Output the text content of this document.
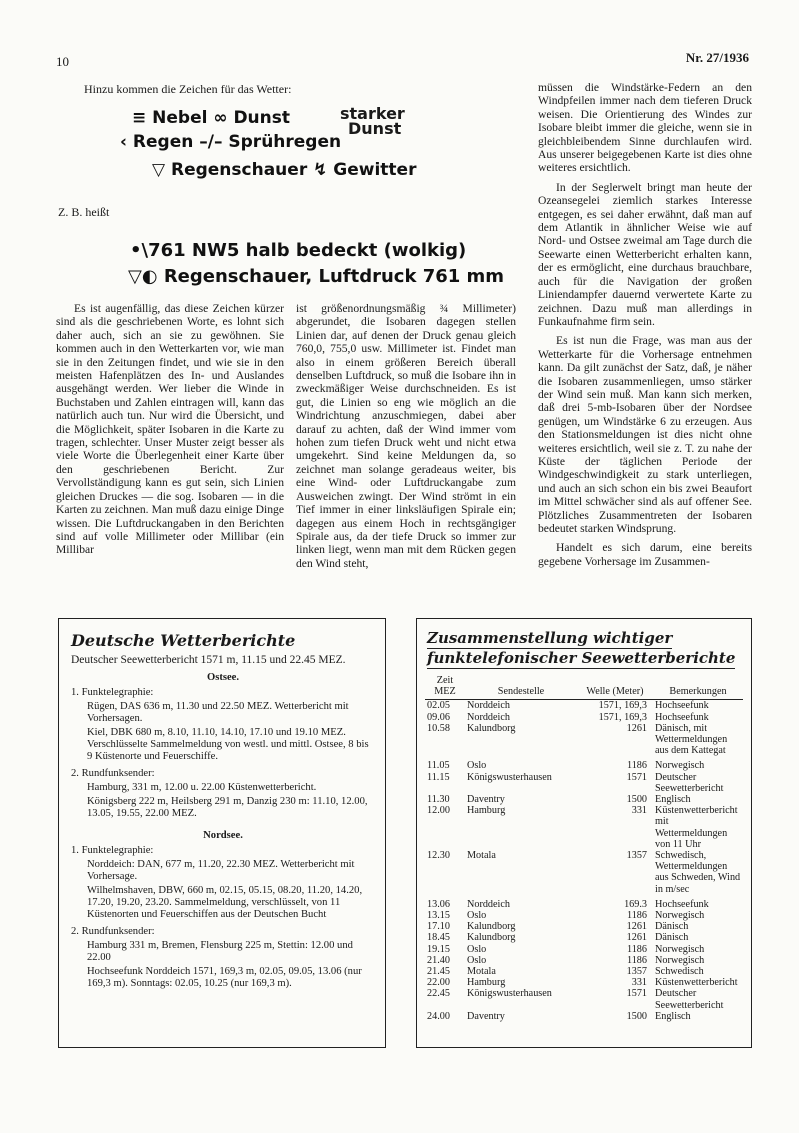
10	Nr. 27/1936
Hinzu kommen die Zeichen für das Wetter:
≡ Nebel ∞ Dunst	starker
Dunst
‹ Regen –/– Sprühregen
▽ Regenschauer ↯ Gewitter
Z. B. heißt
•\761 NW5 halb bedeckt (wolkig)
▽◐ Regenschauer, Luftdruck 761 mm

Es ist augenfällig, das diese Zeichen kürzer sind als die geschriebenen Worte, es lohnt sich daher auch, sich an sie zu gewöhnen. Sie kommen auch in den Wetterkarten vor, wie man sie in den Zeitungen findet, und wie sie in den meisten Hafenplätzen des In- und Auslandes ausgehängt werden. Wer lieber die Winde in Buchstaben und Zahlen eintragen will, kann das natürlich auch tun. Nur wird die Übersicht, und die Möglichkeit, später Isobaren in die Karte zu tragen, schlechter. Unser Muster zeigt besser als viele Worte die Überlegenheit einer Karte über den geschriebenen Bericht. Zur Vervollständigung kann es gut sein, sich Linien gleichen Druckes — die sog. Isobaren — in die Karten zu zeichnen. Man muß dazu einige Dinge wissen. Die Luftdruckangaben in den Berichten sind auf volle Millimeter oder Millibar (ein Millibar

ist größenordnungsmäßig ¾ Millimeter) abgerundet, die Isobaren dagegen stellen Linien dar, auf denen der Druck genau gleich 760,0, 755,0 usw. Millimeter ist. Findet man also in einem größeren Bereich überall denselben Luftdruck, so muß die Isobare ihn in zweckmäßiger Weise durchschneiden. Es ist gut, die Linien so eng wie möglich an die Windrichtung anzuschmiegen, dabei aber darauf zu achten, daß der Wind immer vom hohen zum tiefen Druck weht und nicht etwa umgekehrt. Sind keine Meldungen da, so zeichnet man solange geradeaus weiter, bis eine Wind- oder Luftdruckangabe zum Ausweichen zwingt. Der Wind strömt in ein Tief immer in einer linksläufigen Spirale ein; dagegen aus einem Hoch in rechtsgängiger Spirale aus, da der tiefe Druck so immer zur linken liegt, wenn man mit dem Rücken gegen den Wind steht,

müssen die Windstärke-Federn an den Windpfeilen immer nach dem tieferen Druck weisen. Die Orientierung des Windes zur Isobare bleibt immer die gleiche, wenn sie in gleichbleibendem Sinne durchlaufen wird. Aus unserer beigegebenen Karte ist dies ohne weiteres ersichtlich.

In der Seglerwelt bringt man heute der Ozeansegelei ziemlich starkes Interesse entgegen, es sei daher erwähnt, daß man auf dem Atlantik in ähnlicher Weise wie auf Nord- und Ostsee zweimal am Tage durch die Seewarte einen Wetterbericht erhalten kann, der es ermöglicht, eine durchaus brauchbare, auch für die Navigation der großen Liniendampfer dauernd verwertete Karte zu zeichnen. Dazu muß man allerdings in Funkaufnahme firm sein.

Es ist nun die Frage, was man aus der Wetterkarte für die Vorhersage entnehmen kann. Da gilt zunächst der Satz, daß, je näher die Isobaren zusammenliegen, umso stärker der Wind sein muß. Man kann sich merken, daß drei 5-mb-Isobaren über der Nordsee genügen, um Windstärke 6 zu erzeugen. Aus den Stationsmeldungen ist dies nicht ohne weiteres ersichtlich, weil sie z. T. zu nahe der Küste der täglichen Periode der Windgeschwindigkeit zu stark unterliegen, und auch an sich schon ein bis zwei Beaufort im Mittel schwächer sind als auf offener See. Plötzliches Zusammentreten der Isobaren bedeutet starken Windsprung.

Handelt es sich darum, eine bereits gegebene Vorhersage im Zusammen-

Deutsche Wetterberichte
Deutscher Seewetterbericht 1571 m, 11.15 und 22.45 MEZ.
Ostsee.
1. Funktelegraphie:
Rügen, DAS 636 m, 11.30 und 22.50 MEZ. Wetterbericht mit Vorhersagen.
Kiel, DBK 680 m, 8.10, 11.10, 14.10, 17.10 und 19.10 MEZ. Verschlüsselte Sammelmeldung von westl. und mittl. Ostsee, 8 bis 9 Küstenorte und Feuerschiffe.
2. Rundfunksender:
Hamburg, 331 m, 12.00 u. 22.00 Küstenwetterbericht.
Königsberg 222 m, Heilsberg 291 m, Danzig 230 m: 11.10, 12.00, 13.05, 19.55, 22.00 MEZ.
Nordsee.
1. Funktelegraphie:
Norddeich: DAN, 677 m, 11.20, 22.30 MEZ. Wetterbericht mit Vorhersage.
Wilhelmshaven, DBW, 660 m, 02.15, 05.15, 08.20, 11.20, 14.20, 17.20, 19.20, 23.20. Sammelmeldung, verschlüsselt, von 11 Küstenorten und Feuerschiffen aus der Deutschen Bucht
2. Rundfunksender:
Hamburg 331 m, Bremen, Flensburg 225 m, Stettin: 12.00 und 22.00
Hochseefunk Norddeich 1571, 169,3 m, 02.05, 09.05, 13.06 (nur 169,3 m). Sonntags: 02.05, 10.25 (nur 169,3 m).
Zusammenstellung wichtiger
funktelefonischer Seewetterberichte
Zeit MEZ	Sendestelle	Welle (Meter)	Bemerkungen
02.05	Norddeich	1571, 169,3	Hochseefunk
09.06	Norddeich	1571, 169,3	Hochseefunk
10.58	Kalundborg	1261	Dänisch, mit Wettermeldungen aus dem Kattegat
11.05	Oslo	1186	Norwegisch
11.15	Königswusterhausen	1571	Deutscher Seewetterbericht
11.30	Daventry	1500	Englisch
12.00	Hamburg	331	Küstenwetterbericht mit Wettermeldungen von 11 Uhr
12.30	Motala	1357	Schwedisch, Wettermeldungen aus Schweden, Wind in m/sec
13.06	Norddeich	169.3	Hochseefunk
13.15	Oslo	1186	Norwegisch
17.10	Kalundborg	1261	Dänisch
18.45	Kalundborg	1261	Dänisch
19.15	Oslo	1186	Norwegisch
21.40	Oslo	1186	Norwegisch
21.45	Motala	1357	Schwedisch
22.00	Hamburg	331	Küstenwetterbericht
22.45	Königswusterhausen	1571	Deutscher Seewetterbericht
24.00	Daventry	1500	Englisch
